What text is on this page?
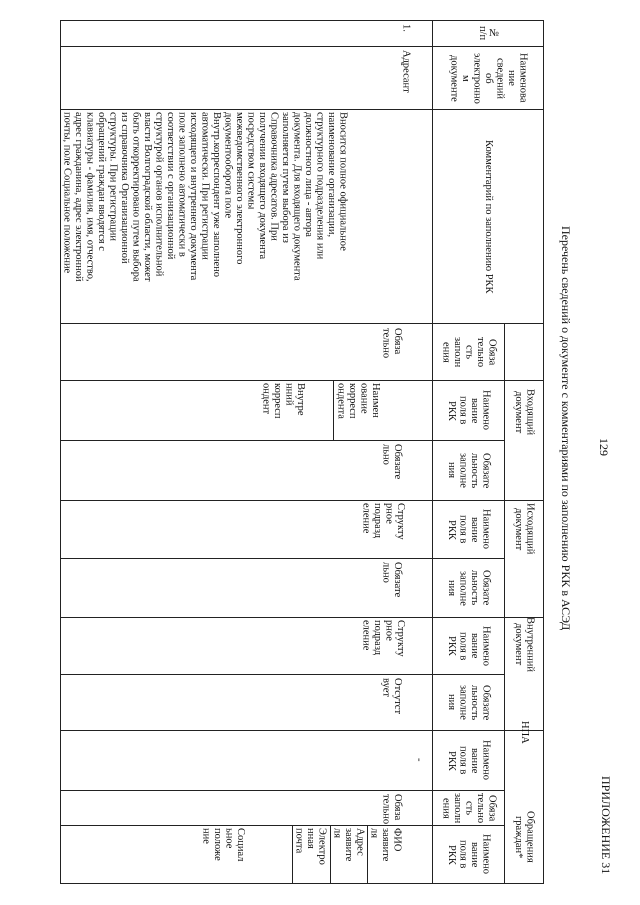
129
ПРИЛОЖЕНИЕ 31
Перечень сведений о документе с комментариями по заполнению РКК в АСЭД
№
п/п
Наименова
ние
сведений
об
электронно
м
документе
Комментарий по заполнению РКК
Входящий
документ
Исходящий
документ
Внутренний
документ
НПА
Обращения
граждан*
Обяза
тельно
сть
заполн
ения
Наимено
вание
поля в
РКК
Обязате
льность
заполне
ния
Наимено
вание
поля в
РКК
Обязате
льность
заполне
ния
Наимено
вание
поля в
РКК
Обязате
льность
заполне
ния
Наимено
вание
поля в
РКК
Обяза
тельно
сть
заполн
ения
Наимено
вание
поля в
РКК
1.
Адресант
Вносится полное официальное
наименование организации,
структурного подразделения или
должностного лица - автора
документа. Для входящего документа
заполняется путем выбора из
Справочника адресатов. При
получении входящего документа
посредством системы
межведомственного электронного
документооборота поле
Внутр.корреспондент уже заполнено
автоматически. При регистрации
исходящего и внутреннего документа
поле заполнено автоматически в
соответствии с организационной
структурой органов исполнительной
власти Волгоградской области, может
быть откорректировано путем выбора
из справочника Организационной
структуры. При регистрации
обращений граждан вводятся с
клавиатуры - фамилия, имя, отчество,
адрес гражданина, адрес электронной
почты, поле Социальное положение
Обяза
тельно
Наимен
ование
корресп
ондента
Внутре
нний
корресп
ондент
Обязате
льно
Структу
рное
подразд
еление
Обязате
льно
Структу
рное
подразд
еление
Отсутст
вует
-
Обяза
тельно
ФИО
заявите
ля
Адрес
заявите
ля
Электро
нная
почта
Социал
ьное
положе
ние
